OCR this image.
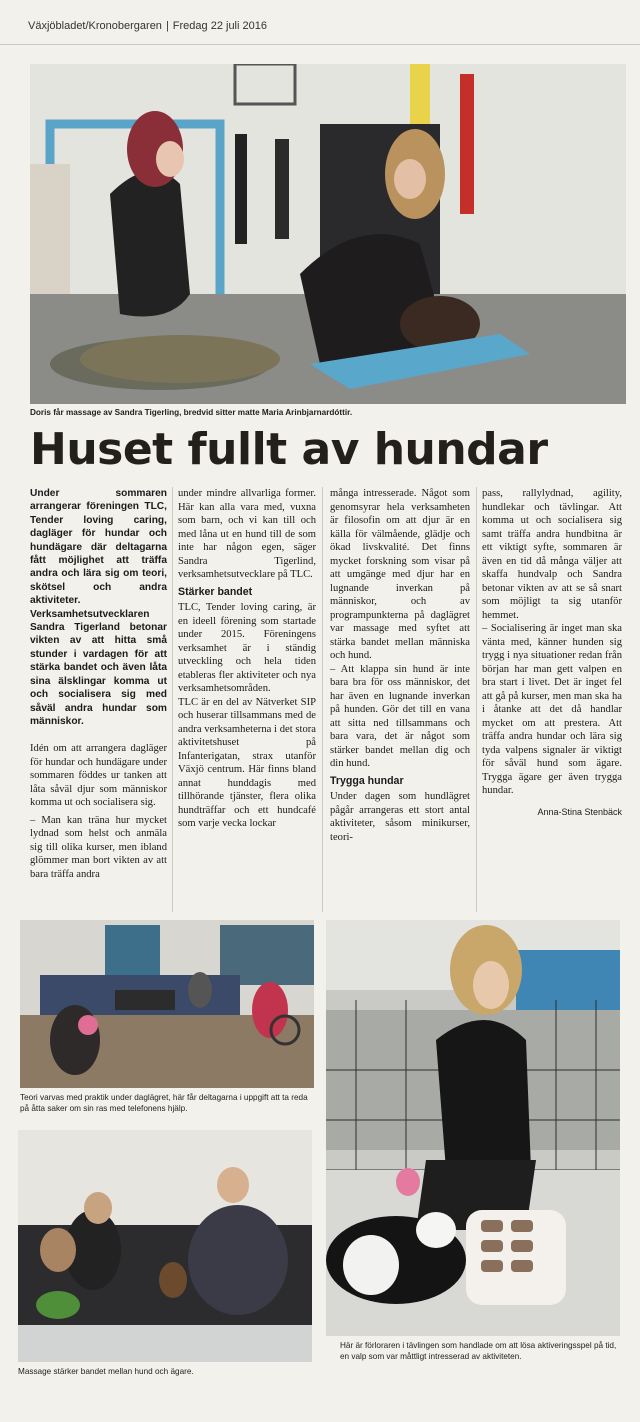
Växjöbladet/Kronobergaren | Fredag 22 juli 2016
Doris får massage av Sandra Tigerling, bredvid sitter matte Maria Arinbjarnardóttir.
Huset fullt av hundar

Under sommaren arrangerar föreningen TLC, Tender loving caring, dagläger för hundar och hundägare där deltagarna fått möjlighet att träffa andra och lära sig om teori, skötsel och andra aktiviteter. Verksamhetsutvecklaren Sandra Tigerland betonar vikten av att hitta små stunder i vardagen för att stärka bandet och även låta sina älsklingar komma ut och socialisera sig med såväl andra hundar som människor.

Idén om att arrangera dagläger för hundar och hundägare under sommaren föddes ur tanken att låta såväl djur som människor komma ut och socialisera sig.

– Man kan träna hur mycket lydnad som helst och anmäla sig till olika kurser, men ibland glömmer man bort vikten av att bara träffa andra

under mindre allvarliga former. Här kan alla vara med, vuxna som barn, och vi kan till och med låna ut en hund till de som inte har någon egen, säger Sandra Tigerlind, verksamhetsutvecklare på TLC.

Stärker bandet

TLC, Tender loving caring, är en ideell förening som startade under 2015. Föreningens verksamhet är i ständig utveckling och hela tiden etableras fler aktiviteter och nya verksamhetsområden.

TLC är en del av Nätverket SIP och huserar tillsammans med de andra verksamheterna i det stora aktivitetshuset på Infanterigatan, strax utanför Växjö centrum. Här finns bland annat hunddagis med tillhörande tjänster, flera olika hundträffar och ett hundcafé som varje vecka lockar

många intresserade. Något som genomsyrar hela verksamheten är filosofin om att djur är en källa för välmående, glädje och ökad livskvalité. Det finns mycket forskning som visar på att umgänge med djur har en lugnande inverkan på människor, och av programpunkterna på daglägret var massage med syftet att stärka bandet mellan människa och hund.

– Att klappa sin hund är inte bara bra för oss människor, det har även en lugnande inverkan på hunden. Gör det till en vana att sitta ned tillsammans och bara vara, det är något som stärker bandet mellan dig och din hund.

Trygga hundar

Under dagen som hundlägret pågår arrangeras ett stort antal aktiviteter, såsom minikurser, teori-

pass, rallylydnad, agility, hundlekar och tävlingar. Att komma ut och socialisera sig samt träffa andra hundbitna är ett viktigt syfte, sommaren är även en tid då många väljer att skaffa hundvalp och Sandra betonar vikten av att se så snart som möjligt ta sig utanför hemmet.

– Socialisering är inget man ska vänta med, känner hunden sig trygg i nya situationer redan från början har man gett valpen en bra start i livet. Det är inget fel att gå på kurser, men man ska ha i åtanke att det då handlar mycket om att prestera. Att träffa andra hundar och lära sig tyda valpens signaler är viktigt för såväl hund som ägare. Trygga ägare ger även trygga hundar.

Anna-Stina Stenbäck
Teori varvas med praktik under daglägret, här får deltagarna i uppgift att ta reda på åtta saker om sin ras med telefonens hjälp.
Massage stärker bandet mellan hund och ägare.
Här är förloraren i tävlingen som handlade om att lösa aktiveringsspel på tid, en valp som var måttligt intresserad av aktiviteten.
